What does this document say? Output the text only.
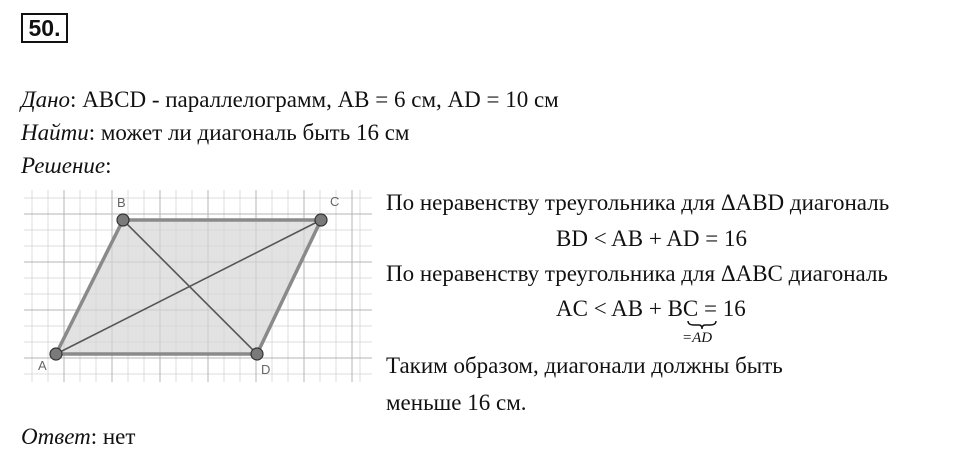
50.
Дано: ABCD - параллелограмм, AB = 6 см, AD = 10 см
Найти: может ли диагональ быть 16 см
Решение:
A
B	C
D
По неравенству треугольника для ΔABD диагональ
BD < AB + AD = 16
По неравенству треугольника для ΔABC диагональ
AC < AB + BC = 16
=AD
Таким образом, диагонали должны быть
меньше 16 см.
Ответ: нет
